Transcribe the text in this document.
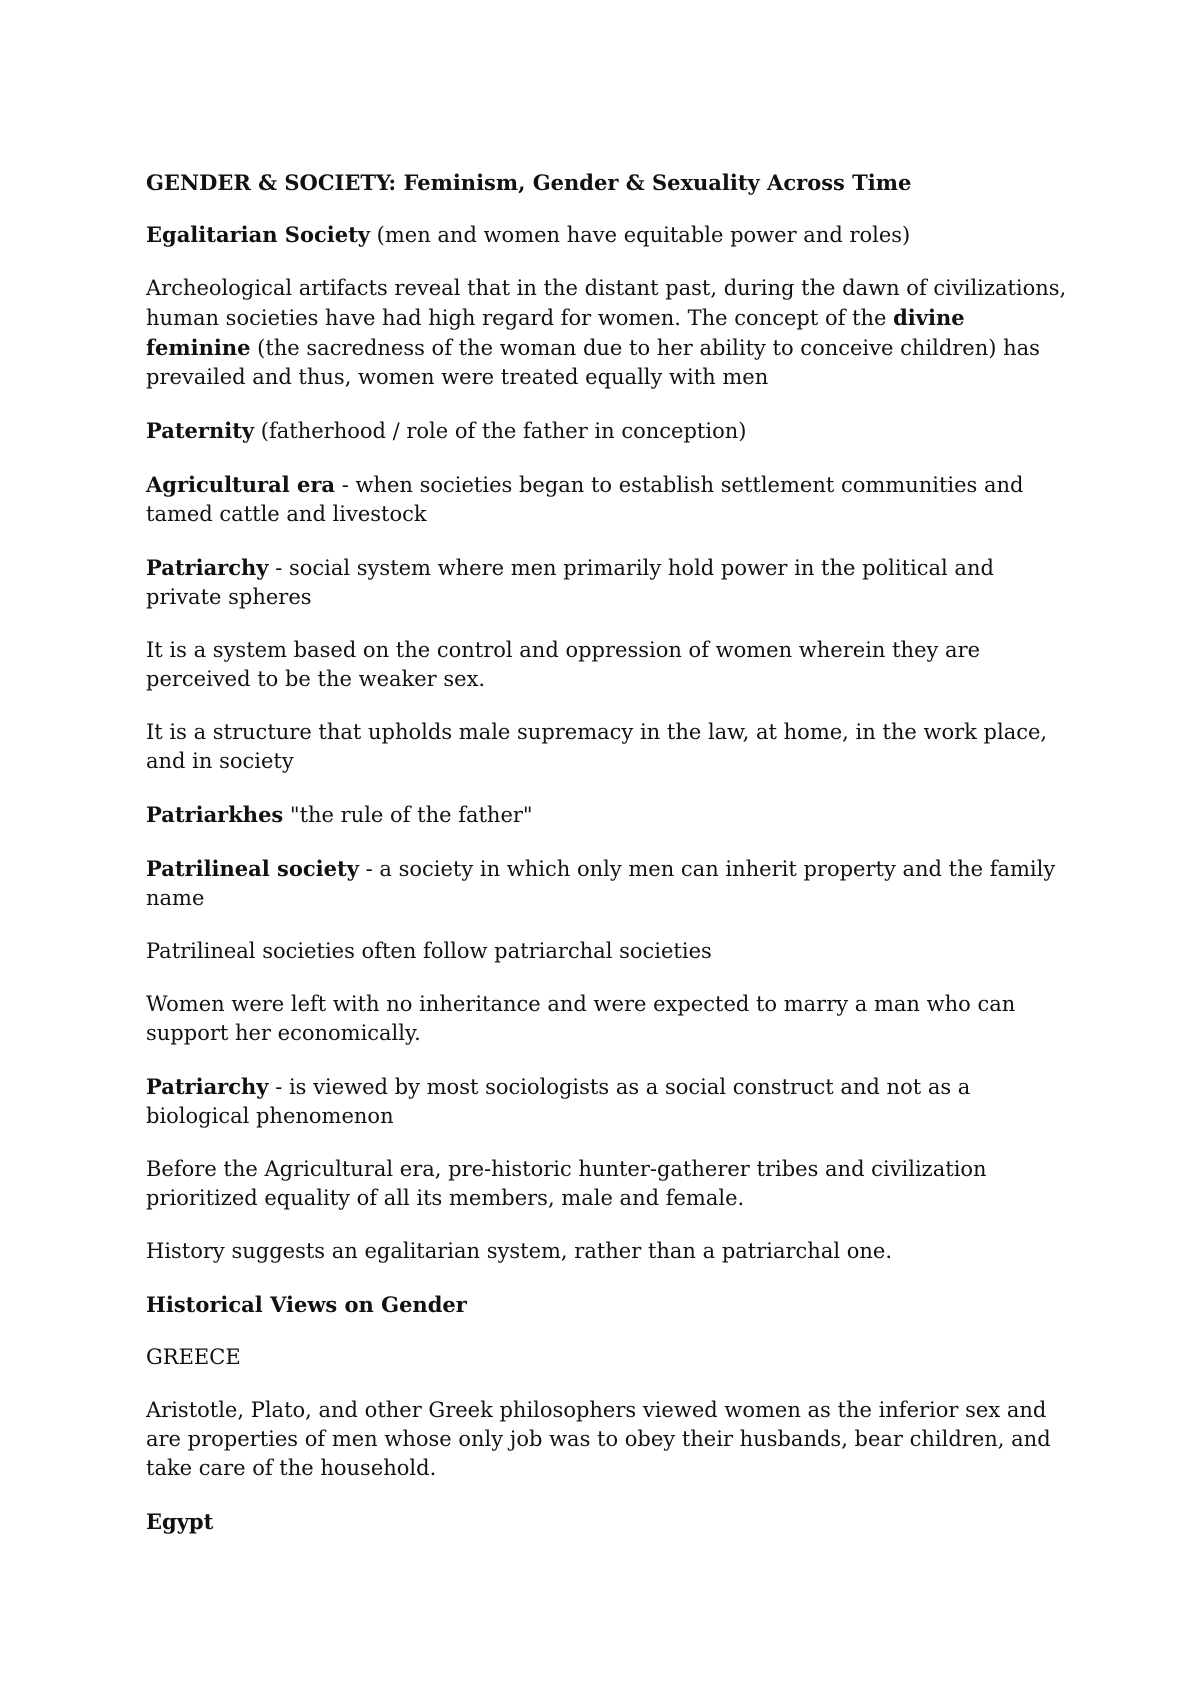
GENDER & SOCIETY: Feminism, Gender & Sexuality Across Time

Egalitarian Society (men and women have equitable power and roles)

Archeological artifacts reveal that in the distant past, during the dawn of civilizations, human societies have had high regard for women. The concept of the divine feminine (the sacredness of the woman due to her ability to conceive children) has prevailed and thus, women were treated equally with men

Paternity (fatherhood / role of the father in conception)

Agricultural era - when societies began to establish settlement communities and tamed cattle and livestock

Patriarchy - social system where men primarily hold power in the political and private spheres

It is a system based on the control and oppression of women wherein they are perceived to be the weaker sex.

It is a structure that upholds male supremacy in the law, at home, in the work place, and in society

Patriarkhes "the rule of the father"

Patrilineal society - a society in which only men can inherit property and the family name

Patrilineal societies often follow patriarchal societies

Women were left with no inheritance and were expected to marry a man who can support her economically.

Patriarchy - is viewed by most sociologists as a social construct and not as a biological phenomenon

Before the Agricultural era, pre-historic hunter-gatherer tribes and civilization prioritized equality of all its members, male and female.

History suggests an egalitarian system, rather than a patriarchal one.

Historical Views on Gender

GREECE

Aristotle, Plato, and other Greek philosophers viewed women as the inferior sex and are properties of men whose only job was to obey their husbands, bear children, and take care of the household.

Egypt
